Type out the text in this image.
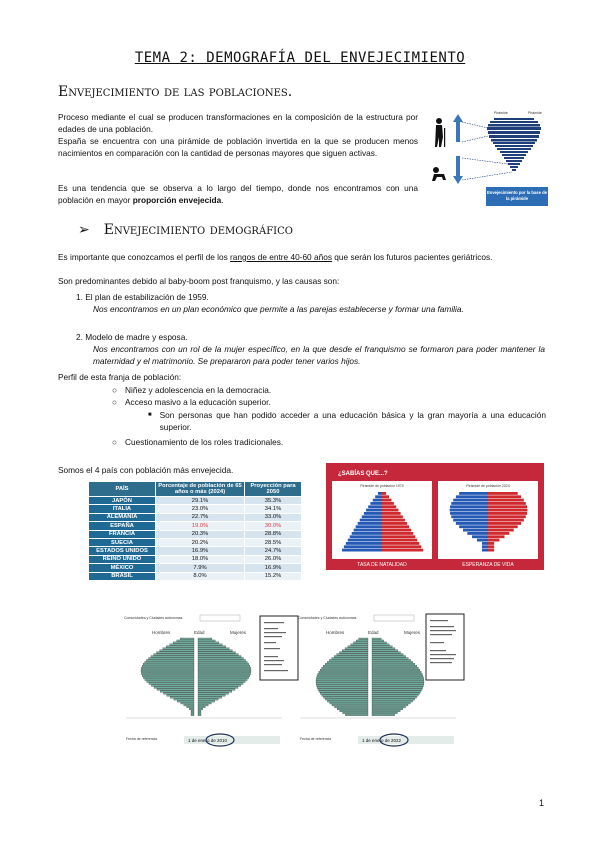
TEMA 2: DEMOGRAFÍA DEL ENVEJECIMIENTO
Envejecimiento de las poblaciones.
Proceso mediante el cual se producen transformaciones en la composición de la estructura por edades de una población.
España se encuentra con una pirámide de población invertida en la que se producen menos nacimientos en comparación con la cantidad de personas mayores que siguen activas.
Es una tendencia que se observa a lo largo del tiempo, donde nos encontramos con una población en mayor proporción envejecida.
Pirámide	Pirámide
Envejecimiento por la base de la pirámide
➢ Envejecimiento demográfico
Es importante que conozcamos el perfil de los rangos de entre 40-60 años que serán los futuros pacientes geriátricos.
Son predominantes debido al baby-boom post franquismo, y las causas son:
1. El plan de estabilización de 1959.
Nos encontramos en un plan económico que permite a las parejas establecerse y formar una familia.
2. Modelo de madre y esposa.
Nos encontramos con un rol de la mujer específico, en la que desde el franquismo se formaron para poder mantener la maternidad y el matrimonio. Se prepararon para poder tener varios hijos.
Perfil de esta franja de población:
○ Niñez y adolescencia en la democracia.
○ Acceso masivo a la educación superior.
■ Son personas que han podido acceder a una educación básica y la gran mayoría a una educación superior.
○ Cuestionamiento de los roles tradicionales.
Somos el 4 país con población más envejecida.
PAÍS	Porcentaje de población de 65 años o más (2024)	Proyección para 2050
JAPÓN	29.1%	35.3%
ITALIA	23.0%	34.1%
ALEMANIA	22.7%	33.0%
ESPAÑA	19.0%	30.0%
FRANCIA	20.3%	28.8%
SUECIA	20.2%	28.5%
ESTADOS UNIDOS	16.9%	24.7%
REINO UNIDO	18.0%	26.0%
MÉXICO	7.9%	16.9%
BRASIL	8.0%	15.2%
¿SABÍAS QUE...?
Pirámide de población 1970	Pirámide de población 2024
TASA DE NATALIDAD	ESPERANZA DE VIDA
Comunidades y Ciudades autónomas
Hombres	Edad	Mujeres
Fecha de referencia	1 de enero de 2010
Comunidades y Ciudades autónomas
Hombres	Edad	Mujeres
Fecha de referencia	1 de enero de 2022
1
